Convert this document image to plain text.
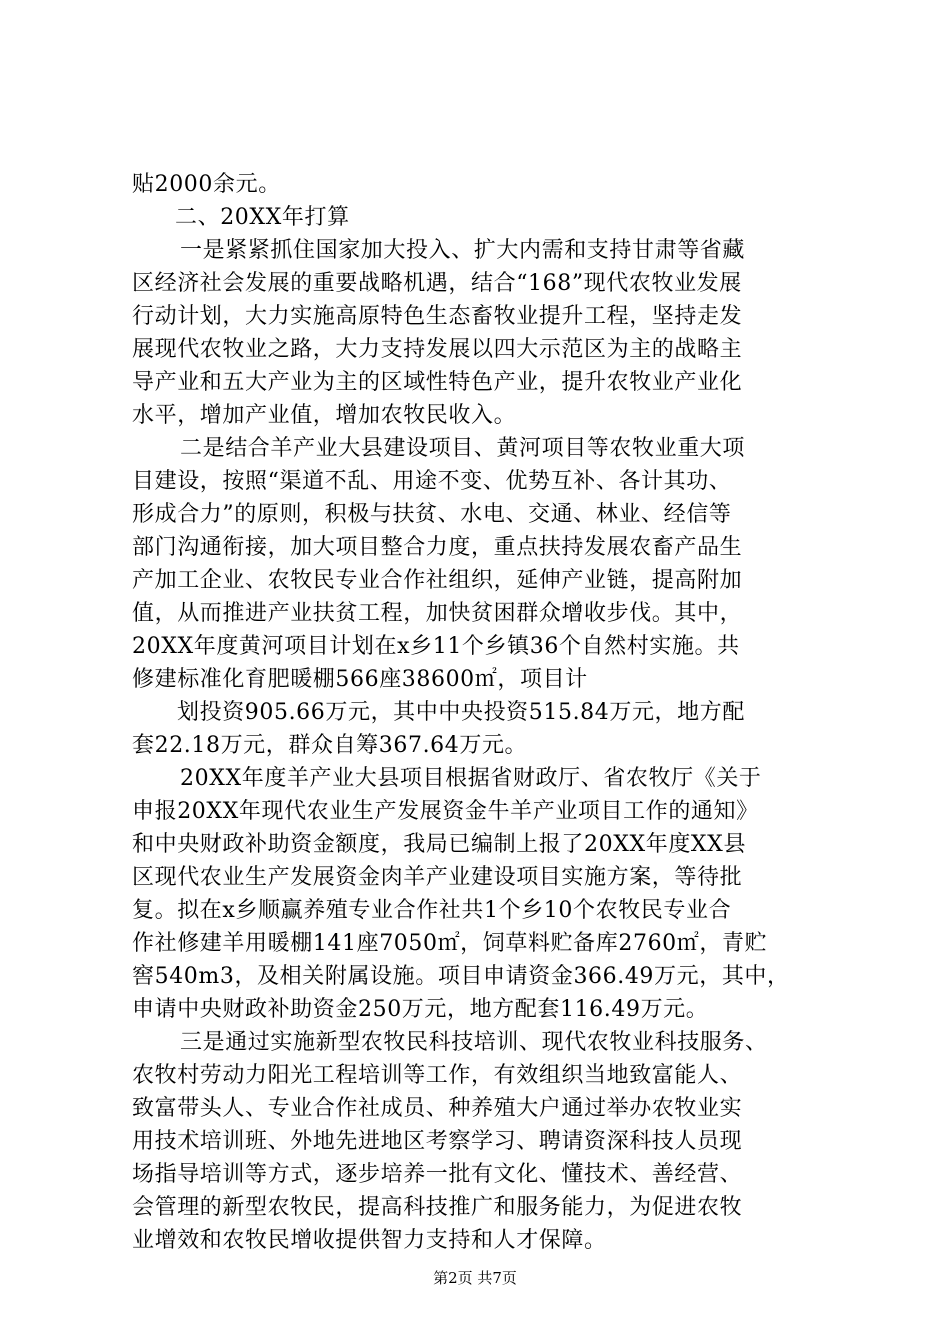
贴2000余元。
二、20XX年打算
一是紧紧抓住国家加大投入、扩大内需和支持甘肃等省藏
区经济社会发展的重要战略机遇，结合“168”现代农牧业发展
行动计划，大力实施高原特色生态畜牧业提升工程，坚持走发
展现代农牧业之路，大力支持发展以四大示范区为主的战略主
导产业和五大产业为主的区域性特色产业，提升农牧业产业化
水平，增加产业值，增加农牧民收入。
二是结合羊产业大县建设项目、黄河项目等农牧业重大项
目建设，按照“渠道不乱、用途不变、优势互补、各计其功、
形成合力”的原则，积极与扶贫、水电、交通、林业、经信等
部门沟通衔接，加大项目整合力度，重点扶持发展农畜产品生
产加工企业、农牧民专业合作社组织，延伸产业链，提高附加
值，从而推进产业扶贫工程，加快贫困群众增收步伐。其中，
20XX年度黄河项目计划在x乡11个乡镇36个自然村实施。共
修建标准化育肥暖棚566座38600㎡，项目计
划投资905.66万元，其中中央投资515.84万元，地方配
套22.18万元，群众自筹367.64万元。
20XX年度羊产业大县项目根据省财政厅、省农牧厅《关于
申报20XX年现代农业生产发展资金牛羊产业项目工作的通知》
和中央财政补助资金额度，我局已编制上报了20XX年度XX县
区现代农业生产发展资金肉羊产业建设项目实施方案，等待批
复。拟在x乡顺赢养殖专业合作社共1个乡10个农牧民专业合
作社修建羊用暖棚141座7050㎡，饲草料贮备库2760㎡，青贮
窖540m3，及相关附属设施。项目申请资金366.49万元，其中，
申请中央财政补助资金250万元，地方配套116.49万元。
三是通过实施新型农牧民科技培训、现代农牧业科技服务、
农牧村劳动力阳光工程培训等工作，有效组织当地致富能人、
致富带头人、专业合作社成员、种养殖大户通过举办农牧业实
用技术培训班、外地先进地区考察学习、聘请资深科技人员现
场指导培训等方式，逐步培养一批有文化、懂技术、善经营、
会管理的新型农牧民，提高科技推广和服务能力，为促进农牧
业增效和农牧民增收提供智力支持和人才保障。
第2页 共7页
